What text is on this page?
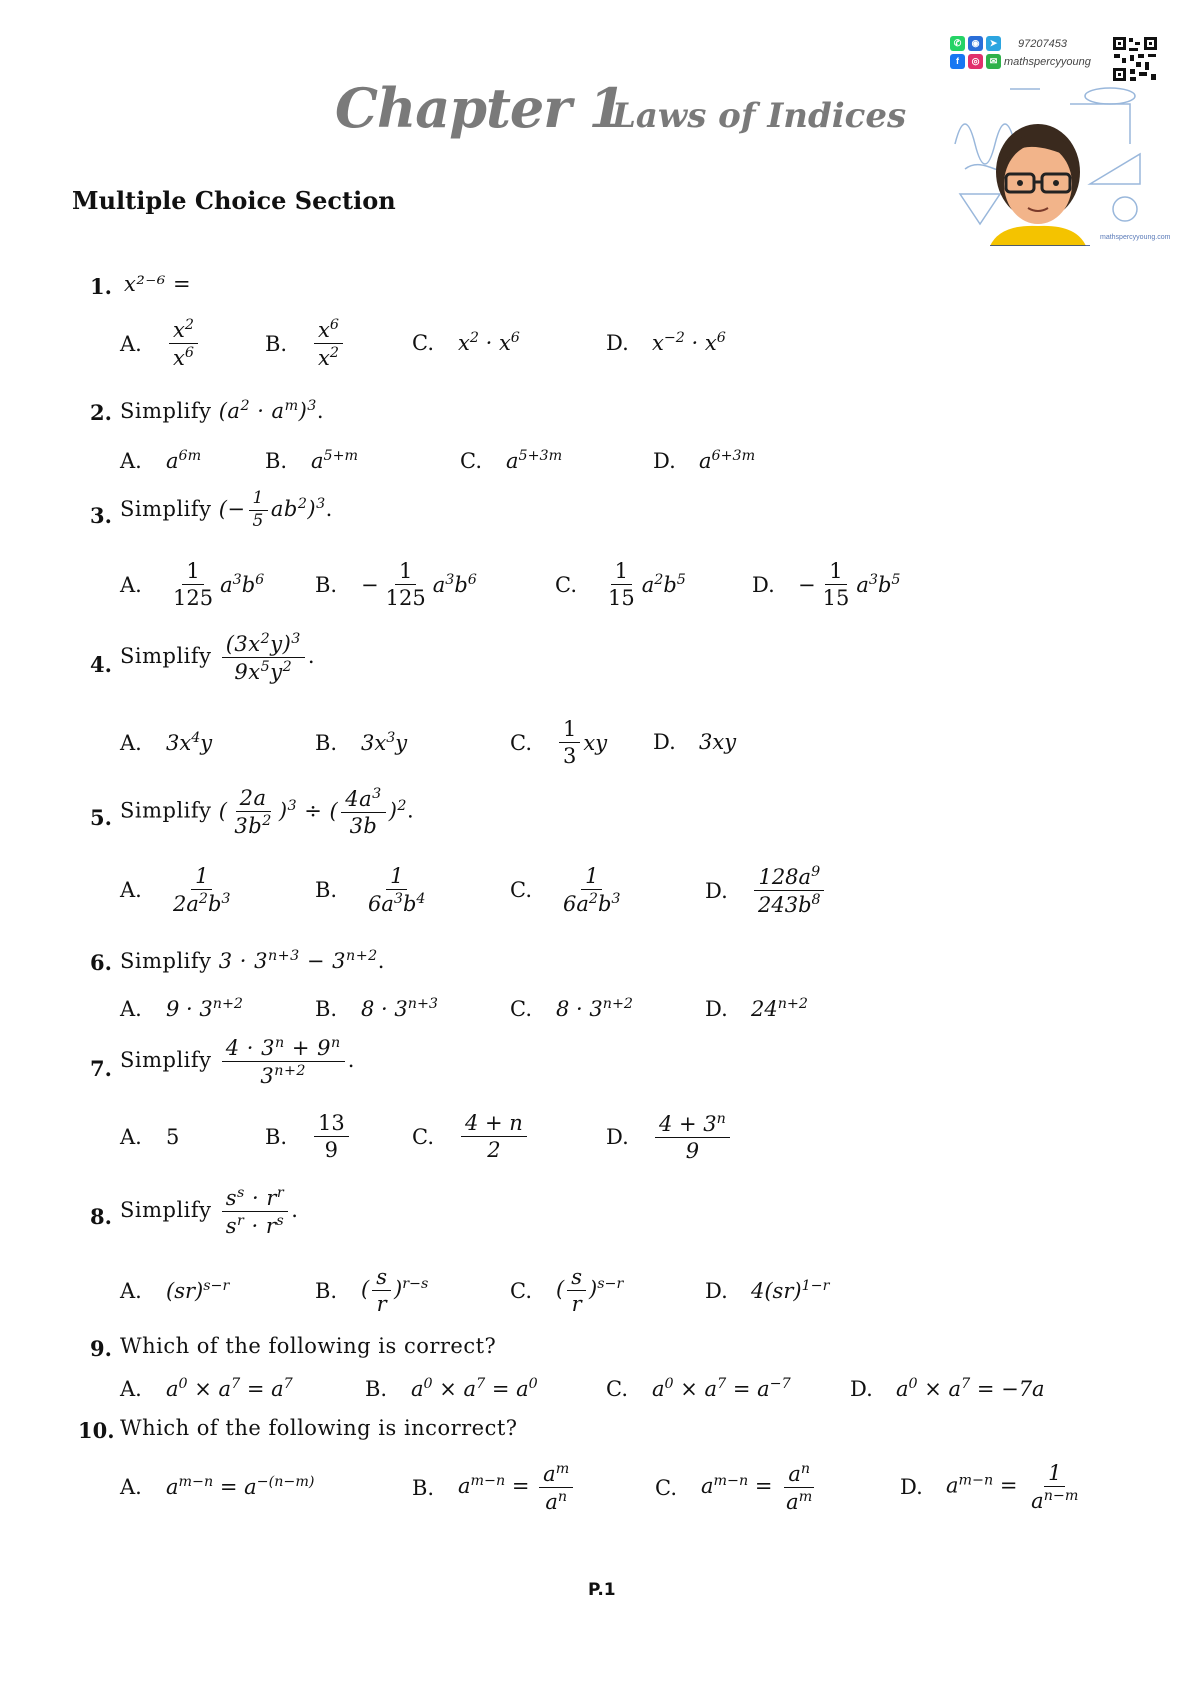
Chapter 1
Laws of Indices
Multiple Choice Section
✆	◉	➤	97207453
f	◎	✉ mathspercyyoung
mathspercyyoung.com
1. x²⁻⁶ =
A.	$\frac{x^2}{x^6}$	B.	$\frac{x^6}{x^2}$	C.	$x^2 \cdot x^6$	D.	$x^{-2} \cdot x^6$
2. Simplify $(a^2 \cdot a^m)^3$.
A.	$a^{6m}$	B.	$a^{5+m}$	C.	$a^{5+3m}$	D.	$a^{6+3m}$
3. Simplify (− $\frac{1}{5} ab^2)^3$.
A.	$\frac{1}{125} a^3b^6$ B.	− $\frac{1}{125} a^3b^6$	C.	$\frac{1}{15} a^2b^5$	D.	− $\frac{1}{15} a^3b^5$
4. Simplify $\frac{(3x^2y)^3}{9x^5y^2}$ .
A.	$3x^4y$	B.	$3x^3y$	C.	$\frac{1}{3}$ xy D.	3xy
5. Simplify ( $\frac{2a}{3b^2} )^3$ ÷ ( $\frac{4a^3}{3b} )^2$.
A.	$\frac{1}{2a^2b^3}$	B.	$\frac{1}{6a^3b^4}$	C.	$\frac{1}{6a^2b^3}$	D.	$\frac{128a^9}{243b^8}$
6. Simplify $3 \cdot 3^{n+3} - 3^{n+2}$.
A.	$9 \cdot 3^{n+2}$	B.	$8 \cdot 3^{n+3}$	C.	$8 \cdot 3^{n+2}$	D.	$24^{n+2}$
7. Simplify $\frac{4 \cdot 3^n + 9^n}{3^{n+2}}$ .
A.	5	B.	$\frac{13}{9}$	C.	$\frac{4 + n}{2}$	D.	$\frac{4 + 3^n}{9}$
8. Simplify $\frac{s^s \cdot r^r}{s^r \cdot r^s}$ .
A.	(sr)$^{s-r}$	B.	( $\frac{s}{r} )^{r-s}$	C.	( $\frac{s}{r} )^{s-r}$	D.	4(sr)$^{1-r}$
9. Which of the following is correct?
A.	$a^0 \times a^7 = a^7$	B.	$a^0 \times a^7 = a^0$	C.	$a^0 \times a^7 = a^{-7}$	D.	$a^0 \times a^7 = -7a$
10. Which of the following is incorrect?
A.	$a^{m-n} = a^{-(n-m)}$	B.	$a^{m-n} = \frac{a^m}{a^n}$	C.	$a^{m-n} = \frac{a^n}{a^m}$	D.	$a^{m-n} = \frac{1}{a^{n-m}}$
P.1
